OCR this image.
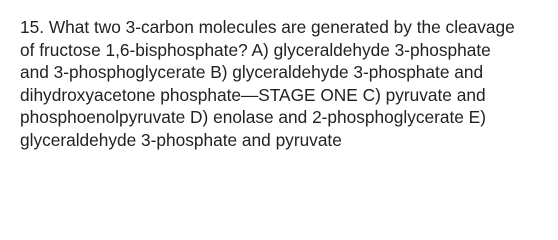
15. What two 3-carbon molecules are generated by the cleavage
of fructose 1,6-bisphosphate? A) glyceraldehyde 3-phosphate
and 3-phosphoglycerate B) glyceraldehyde 3-phosphate and
dihydroxyacetone phosphate—STAGE ONE C) pyruvate and
phosphoenolpyruvate D) enolase and 2-phosphoglycerate E)
glyceraldehyde 3-phosphate and pyruvate
